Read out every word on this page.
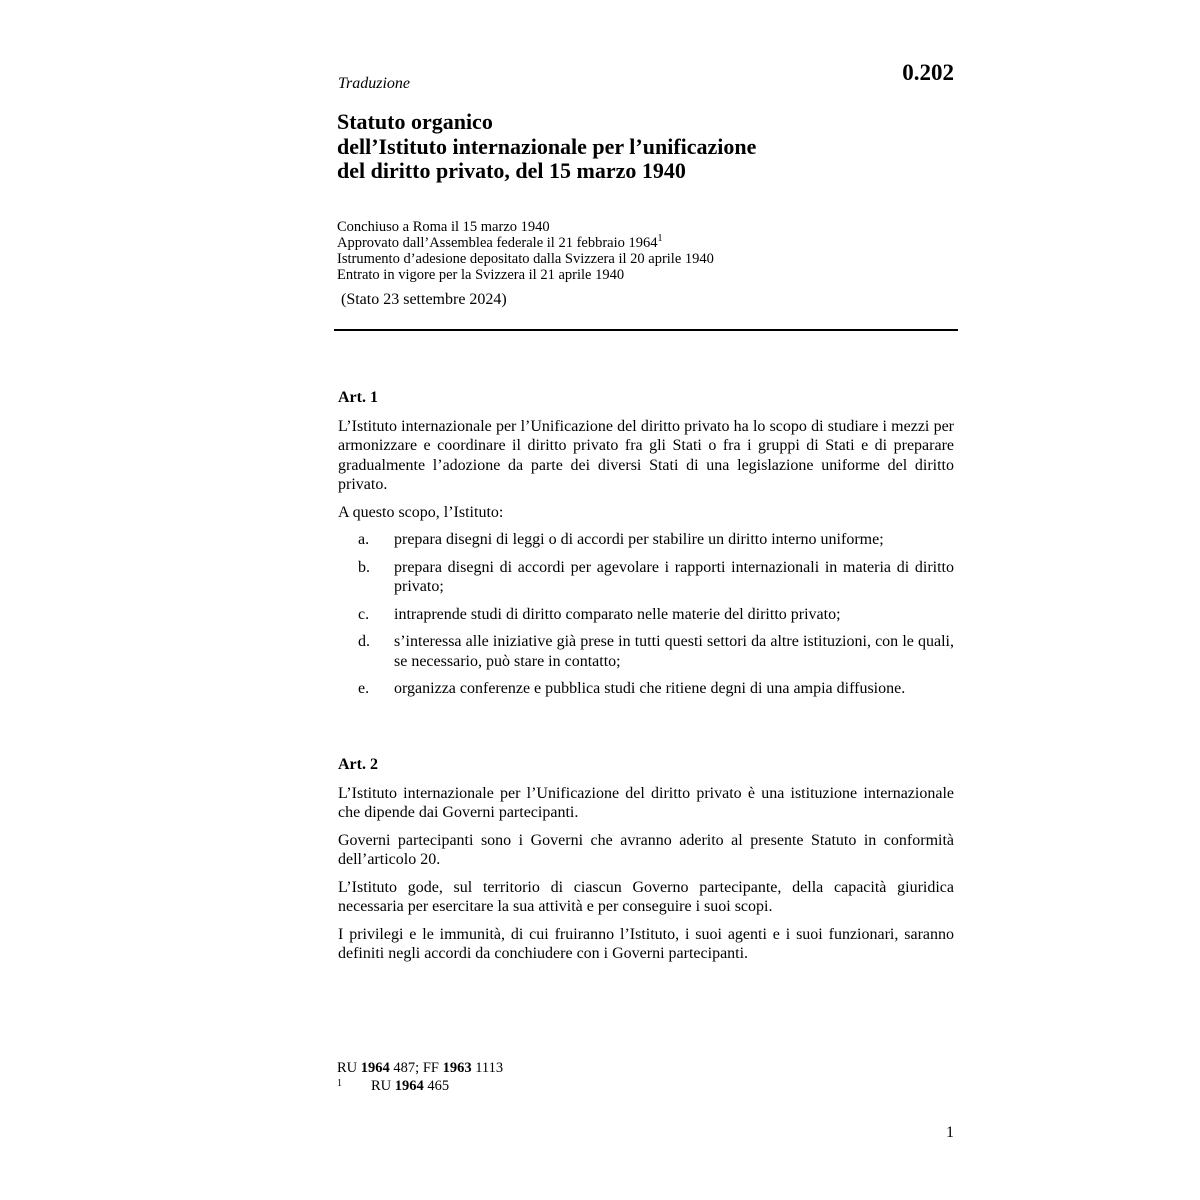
Traduzione	0.202
Statuto organico
dell’Istituto internazionale per l’unificazione
del diritto privato, del 15 marzo 1940
Conchiuso a Roma il 15 marzo 1940
Approvato dall’Assemblea federale il 21 febbraio 1964$^1$
Istrumento d’adesione depositato dalla Svizzera il 20 aprile 1940
Entrato in vigore per la Svizzera il 21 aprile 1940
(Stato 23 settembre 2024)
Art. 1

L’Istituto internazionale per l’Unificazione del diritto privato ha lo scopo di studiare i mezzi per armonizzare e coordinare il diritto privato fra gli Stati o fra i gruppi di Stati e di preparare gradualmente l’adozione da parte dei diversi Stati di una legislazione uniforme del diritto privato.

A questo scopo, l’Istituto:

a.	prepara disegni di leggi o di accordi per stabilire un diritto interno uniforme;
b.	prepara disegni di accordi per agevolare i rapporti internazionali in materia di diritto privato;
c.	intraprende studi di diritto comparato nelle materie del diritto privato;
d.	s’interessa alle iniziative già prese in tutti questi settori da altre istituzioni, con le quali, se necessario, può stare in contatto;
e.	organizza conferenze e pubblica studi che ritiene degni di una ampia diffusione.
Art. 2

L’Istituto internazionale per l’Unificazione del diritto privato è una istituzione internazionale che dipende dai Governi partecipanti.

Governi partecipanti sono i Governi che avranno aderito al presente Statuto in conformità dell’articolo 20.

L’Istituto gode, sul territorio di ciascun Governo partecipante, della capacità giuridica necessaria per esercitare la sua attività e per conseguire i suoi scopi.

I privilegi e le immunità, di cui fruiranno l’Istituto, i suoi agenti e i suoi funzionari, saranno definiti negli accordi da conchiudere con i Governi partecipanti.

RU 1964 487; FF 1963 1113
1	RU 1964 465
1
